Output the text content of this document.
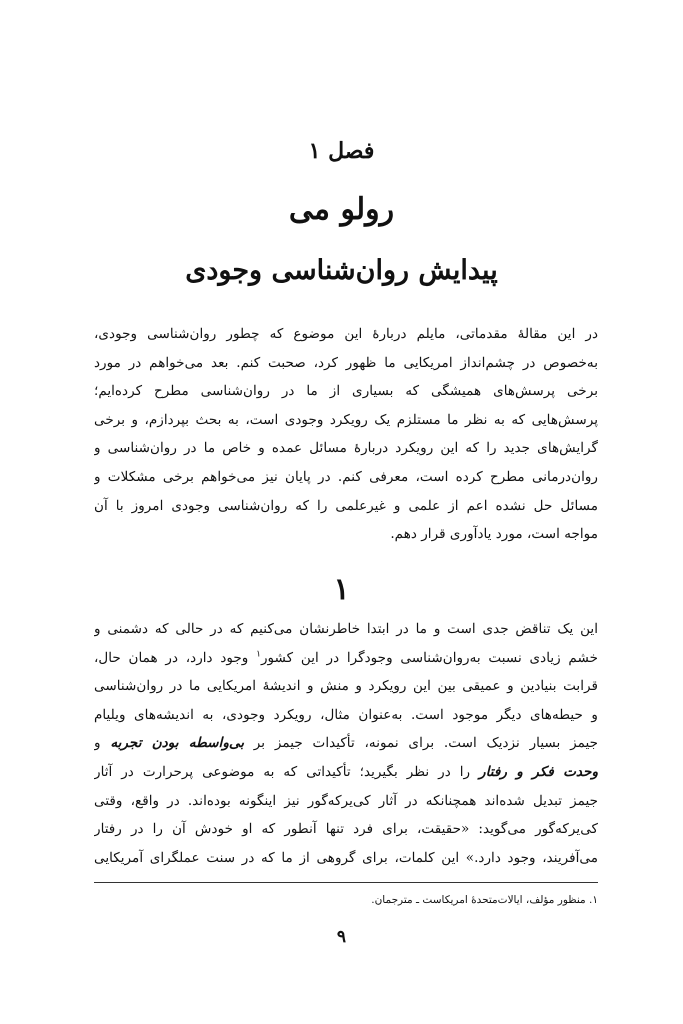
فصل ۱
رولو می
پیدایش روان‌شناسی وجودی
در این مقالهٔ مقدماتی، مایلم دربارهٔ این موضوع که چطور روان‌شناسی وجودی،
به‌خصوص در چشم‌انداز امریکایی ما ظهور کرد، صحبت کنم. بعد می‌خواهم در مورد
برخی پرسش‌های همیشگی که بسیاری از ما در روان‌شناسی مطرح کرده‌ایم؛
پرسش‌هایی که به نظر ما مستلزم یک رویکرد وجودی است، به بحث بپردازم، و برخی
گرایش‌های جدید را که این رویکرد دربارهٔ مسائل عمده و خاص ما در روان‌شناسی و
روان‌درمانی مطرح کرده است، معرفی کنم. در پایان نیز می‌خواهم برخی مشکلات و
مسائل حل نشده اعم از علمی و غیرعلمی را که روان‌شناسی وجودی امروز با آن
مواجه است، مورد یادآوری قرار دهم.
۱
این یک تناقض جدی است و ما در ابتدا خاطرنشان می‌کنیم که در حالی که دشمنی و
خشم زیادی نسبت به‌روان‌شناسی وجودگرا در این کشور$^۱$ وجود دارد، در همان حال،
قرابت بنیادین و عمیقی بین این رویکرد و منش و اندیشهٔ امریکایی ما در روان‌شناسی
و حیطه‌های دیگر موجود است. به‌عنوان مثال، رویکرد وجودی، به اندیشه‌های ویلیام
جیمز بسیار نزدیک است. برای نمونه، تأکیدات جیمز بر بی‌واسطه بودن تجربه و
وحدت فکر و رفتار را در نظر بگیرید؛ تأکیداتی که به موضوعی پرحرارت در آثار
جیمز تبدیل شده‌اند همچنانکه در آثار کی‌یرکه‌گور نیز اینگونه بوده‌اند. در واقع، وقتی
کی‌یرکه‌گور می‌گوید: «حقیقت، برای فرد تنها آنطور که او خودش آن را در رفتار
می‌آفریند، وجود دارد.» این کلمات، برای گروهی از ما که در سنت عملگرای آمریکایی
۱. منظور مؤلف، ایالات‌متحدهٔ امریکاست ـ مترجمان.
۹
